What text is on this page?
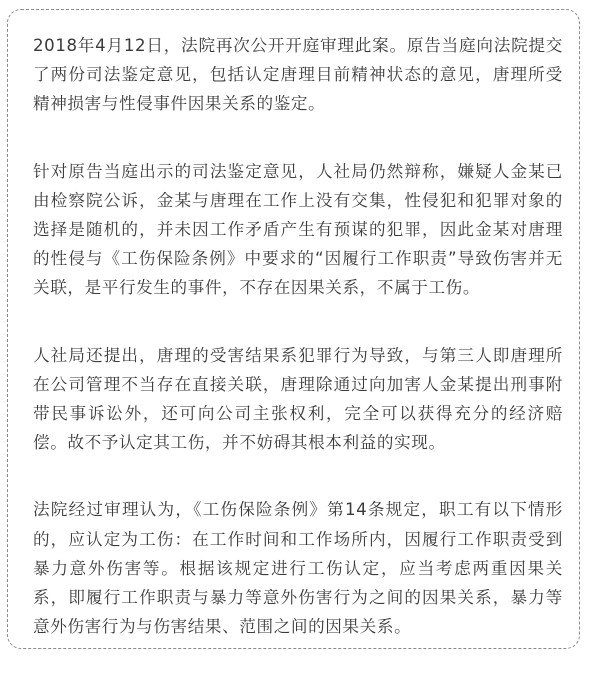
2018年4月12日，法院再次公开开庭审理此案。原告当庭向法院提交了两份司法鉴定意见，包括认定唐理目前精神状态的意见，唐理所受精神损害与性侵事件因果关系的鉴定。

针对原告当庭出示的司法鉴定意见，人社局仍然辩称，嫌疑人金某已由检察院公诉，金某与唐理在工作上没有交集，性侵犯和犯罪对象的选择是随机的，并未因工作矛盾产生有预谋的犯罪，因此金某对唐理的性侵与《工伤保险条例》中要求的“因履行工作职责”导致伤害并无关联，是平行发生的事件，不存在因果关系，不属于工伤。

人社局还提出，唐理的受害结果系犯罪行为导致，与第三人即唐理所在公司管理不当存在直接关联，唐理除通过向加害人金某提出刑事附带民事诉讼外，还可向公司主张权利，完全可以获得充分的经济赔偿。故不予认定其工伤，并不妨碍其根本利益的实现。

法院经过审理认为，《工伤保险条例》第14条规定，职工有以下情形的，应认定为工伤：在工作时间和工作场所内，因履行工作职责受到暴力意外伤害等。根据该规定进行工伤认定，应当考虑两重因果关系，即履行工作职责与暴力等意外伤害行为之间的因果关系，暴力等意外伤害行为与伤害结果、范围之间的因果关系。
